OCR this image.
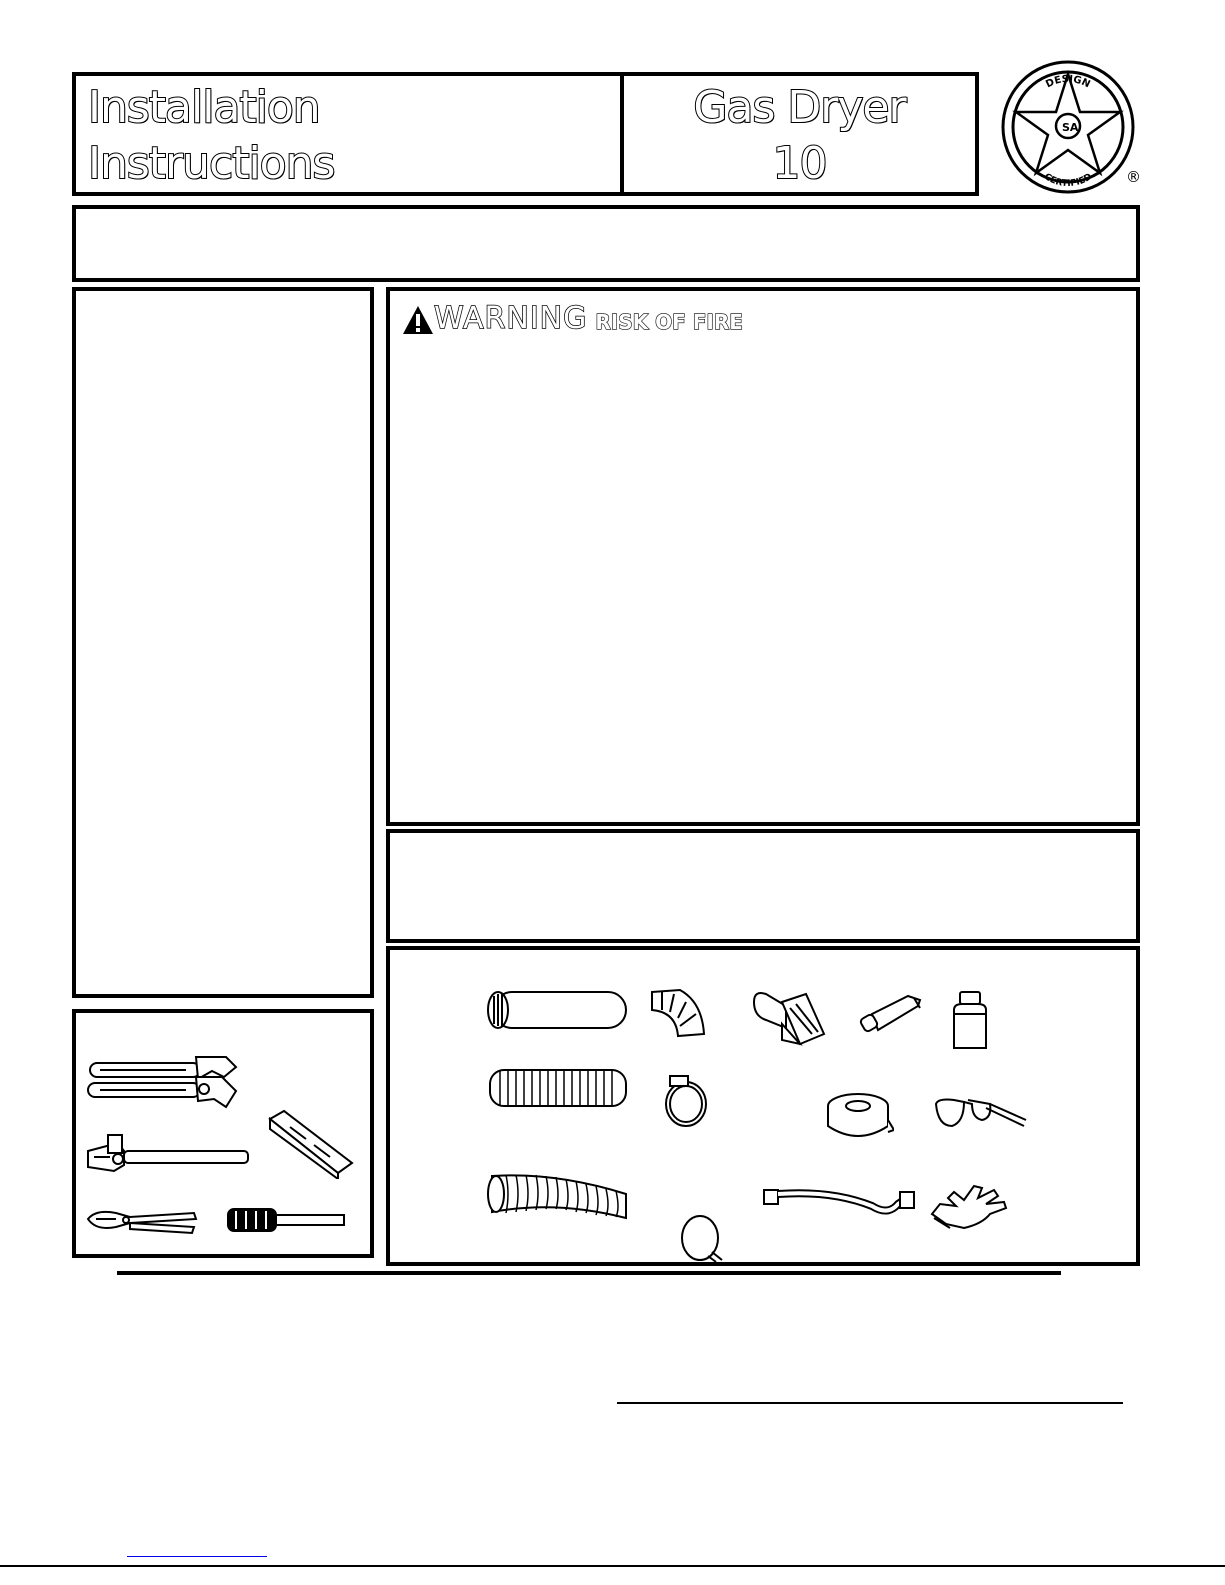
Installation
Instructions
Gas Dryer
10
SA
DESIGN
CERTIFIED ®
WARNING RISK OF FIRE
